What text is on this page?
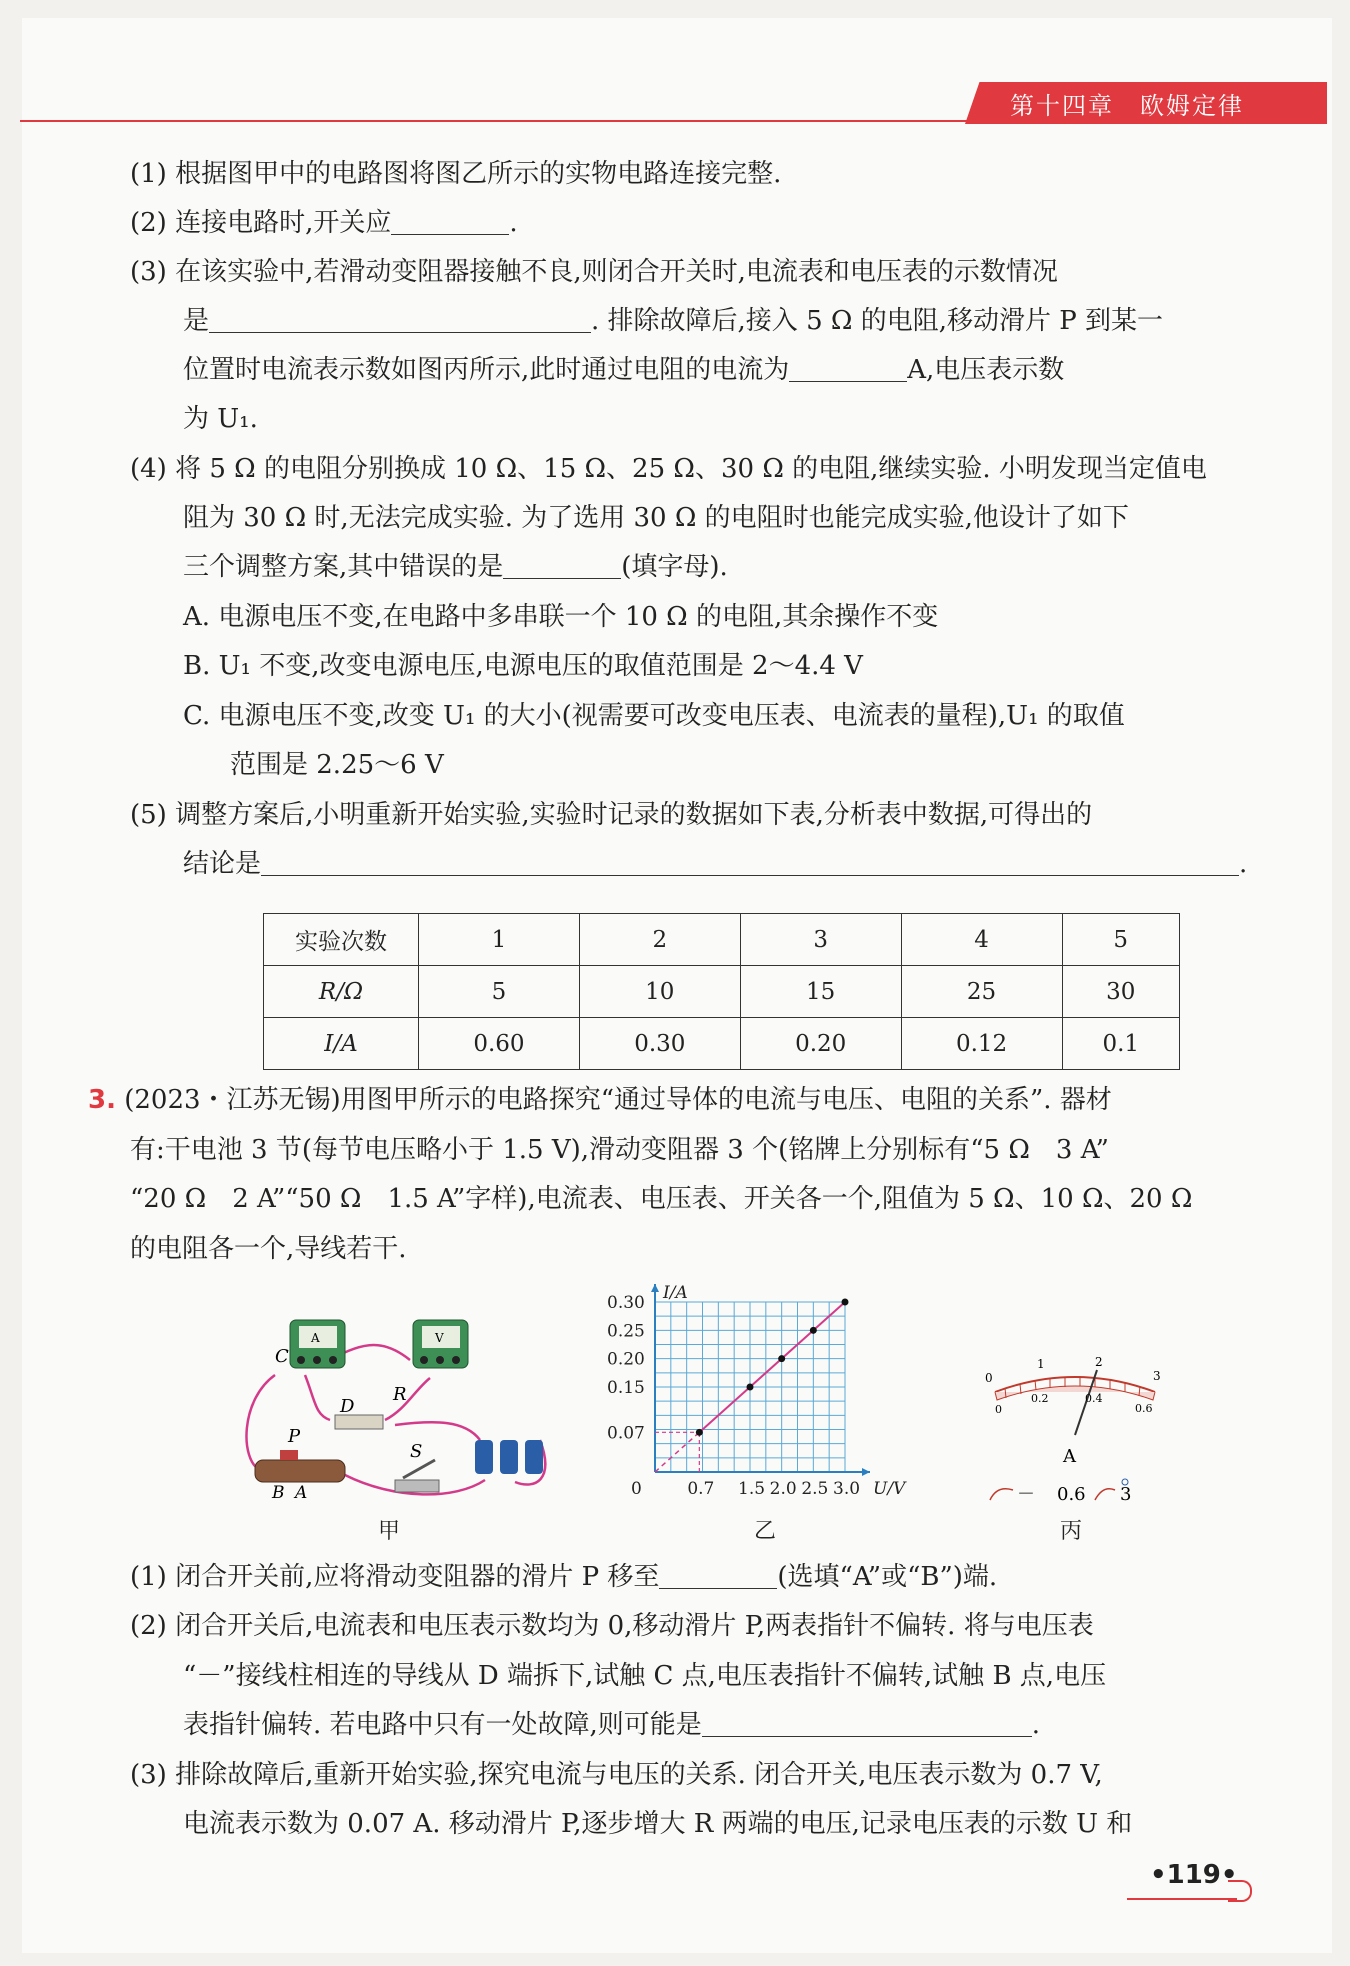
第十四章　欧姆定律
(1) 根据图甲中的电路图将图乙所示的实物电路连接完整.
(2) 连接电路时,开关应	.
(3) 在该实验中,若滑动变阻器接触不良,则闭合开关时,电流表和电压表的示数情况
是	. 排除故障后,接入 5 Ω 的电阻,移动滑片 P 到某一
位置时电流表示数如图丙所示,此时通过电阻的电流为	A,电压表示数
为 U₁.
(4) 将 5 Ω 的电阻分别换成 10 Ω、15 Ω、25 Ω、30 Ω 的电阻,继续实验. 小明发现当定值电
阻为 30 Ω 时,无法完成实验. 为了选用 30 Ω 的电阻时也能完成实验,他设计了如下
三个调整方案,其中错误的是	(填字母).
A. 电源电压不变,在电路中多串联一个 10 Ω 的电阻,其余操作不变
B. U₁ 不变,改变电源电压,电源电压的取值范围是 2～4.4 V
C. 电源电压不变,改变 U₁ 的大小(视需要可改变电压表、电流表的量程),U₁ 的取值
范围是 2.25～6 V
(5) 调整方案后,小明重新开始实验,实验时记录的数据如下表,分析表中数据,可得出的
结论是	.
实验次数	1	2	3	4	5
R/Ω	5	10	15	25	30
I/A	0.60	0.30	0.20	0.12	0.1
3. (2023・江苏无锡)用图甲所示的电路探究“通过导体的电流与电压、电阻的关系”. 器材
有:干电池 3 节(每节电压略小于 1.5 V),滑动变阻器 3 个(铭牌上分别标有“5 Ω　3 A”
“20 Ω　2 A”“50 Ω　1.5 A”字样),电流表、电压表、开关各一个,阻值为 5 Ω、10 Ω、20 Ω
的电阻各一个,导线若干.
A	V
C
D
R
P
S
B A
甲
0	0.7 1.5 2.0 2.5 3.0
0.07
0.15
0.20
0.25
0.30
U/V
I/A
乙
0
1	2
3
0
0.2	0.4
0.6
A
－ 0.6 3
丙
(1) 闭合开关前,应将滑动变阻器的滑片 P 移至	(选填“A”或“B”)端.
(2) 闭合开关后,电流表和电压表示数均为 0,移动滑片 P,两表指针不偏转. 将与电压表
“－”接线柱相连的导线从 D 端拆下,试触 C 点,电压表指针不偏转,试触 B 点,电压
表指针偏转. 若电路中只有一处故障,则可能是	.
(3) 排除故障后,重新开始实验,探究电流与电压的关系. 闭合开关,电压表示数为 0.7 V,
电流表示数为 0.07 A. 移动滑片 P,逐步增大 R 两端的电压,记录电压表的示数 U 和
•119•
